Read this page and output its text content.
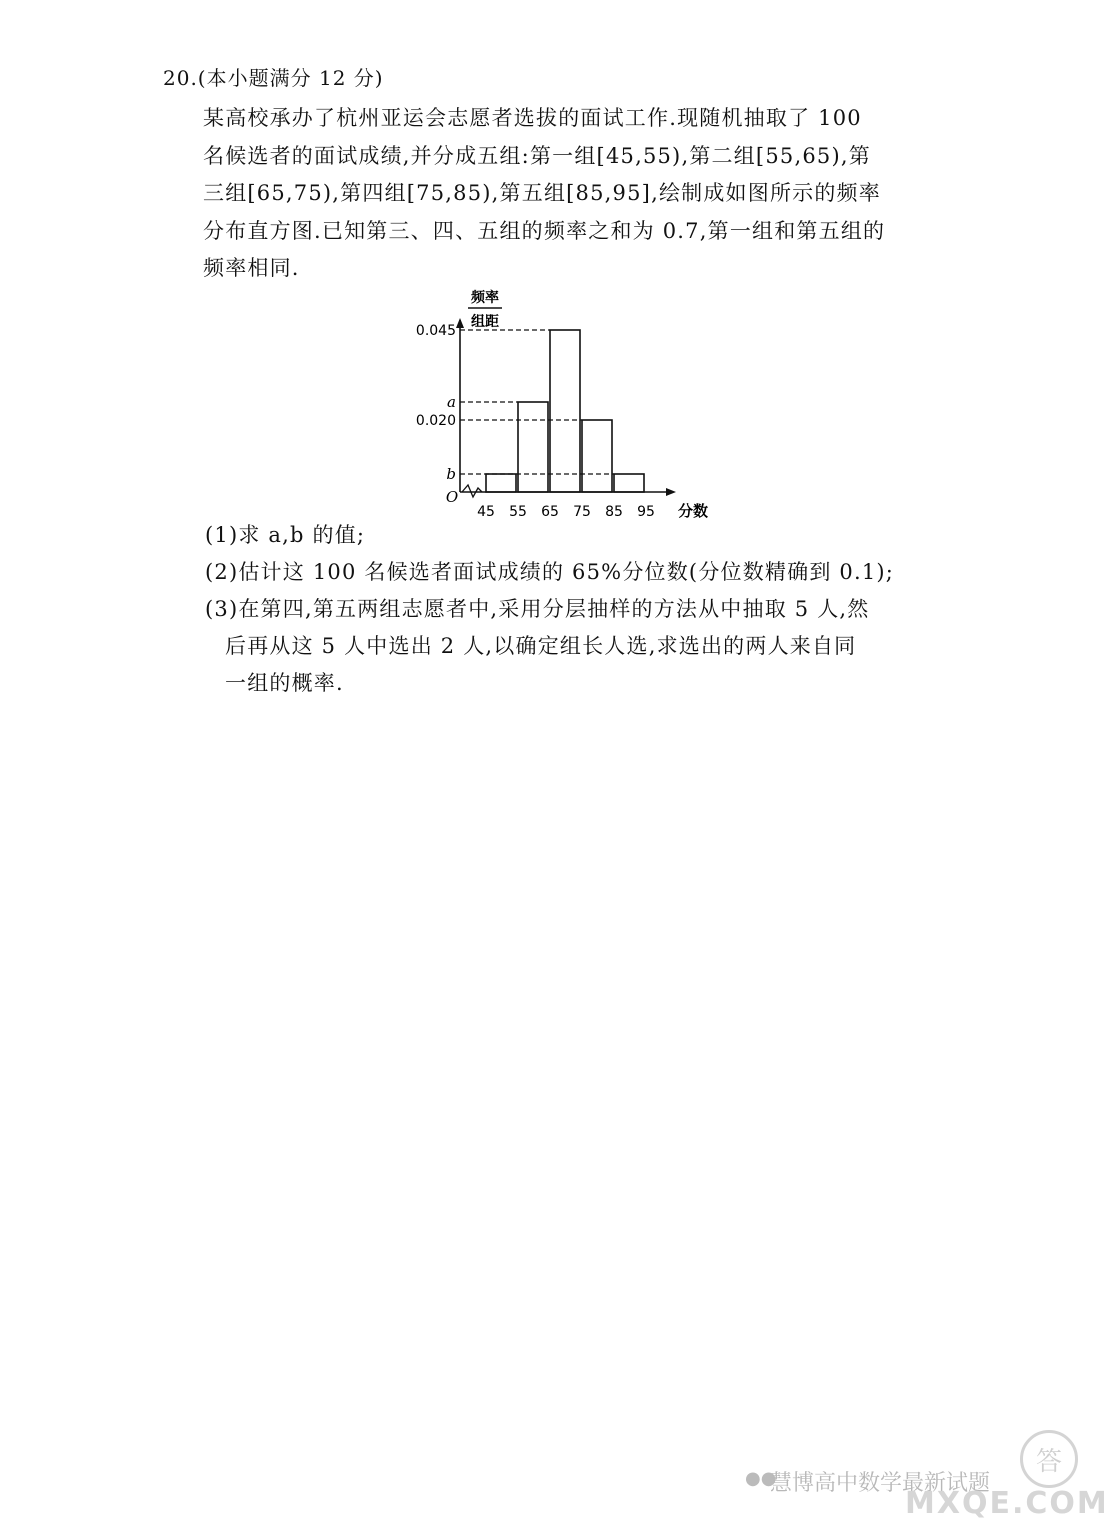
20.(本小题满分 12 分)
某高校承办了杭州亚运会志愿者选拔的面试工作.现随机抽取了 100
名候选者的面试成绩,并分成五组:第一组[45,55),第二组[55,65),第
三组[65,75),第四组[75,85),第五组[85,95],绘制成如图所示的频率
分布直方图.已知第三、四、五组的频率之和为 0.7,第一组和第五组的
频率相同.
频率
组距
O
0.045
a
0.020
b
45 55 65 75 85 95 分数
(1)求 a,b 的值;
(2)估计这 100 名候选者面试成绩的 65%分位数(分位数精确到 0.1);
(3)在第四,第五两组志愿者中,采用分层抽样的方法从中抽取 5 人,然
后再从这 5 人中选出 2 人,以确定组长人选,求选出的两人来自同
一组的概率.
●●
慧博高中数学最新试题
MXQE.COM
答
